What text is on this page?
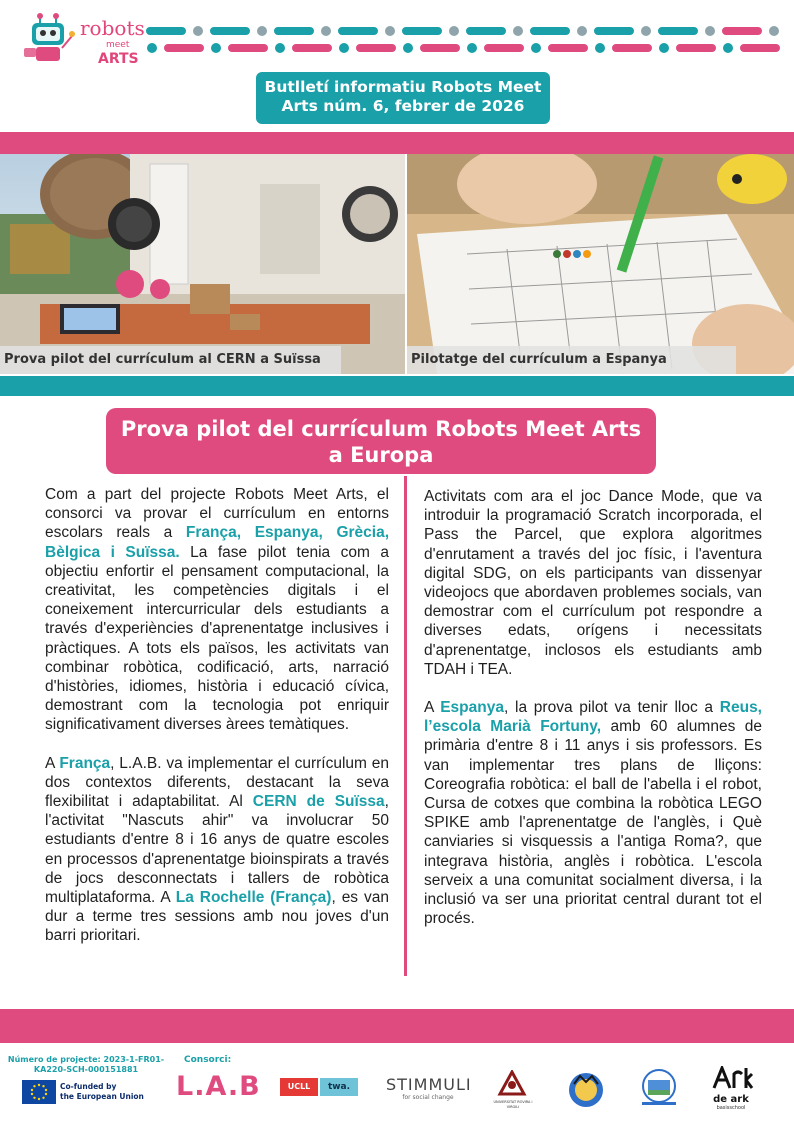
robots
meet
ARTS
Butlletí informatiu Robots Meet Arts núm. 6, febrer de 2026
Prova pilot del currículum al CERN a Suïssa	Pilotatge del currículum a Espanya
Prova pilot del currículum Robots Meet Arts a Europa

Com a part del projecte Robots Meet Arts, el consorci va provar el currículum en entorns escolars reals a França, Espanya, Grècia, Bèlgica i Suïssa. La fase pilot tenia com a objectiu enfortir el pensament computacional, la creativitat, les competències digitals i el coneixement intercurricular dels estudiants a través d'experiències d'aprenentatge inclusives i pràctiques. A tots els països, les activitats van combinar robòtica, codificació, arts, narració d'històries, idiomes, història i educació cívica, demostrant com la tecnologia pot enriquir significativament diverses àrees temàtiques.

A França, L.A.B. va implementar el currículum en dos contextos diferents, destacant la seva flexibilitat i adaptabilitat. Al CERN de Suïssa, l'activitat "Nascuts ahir" va involucrar 50 estudiants d'entre 8 i 16 anys de quatre escoles en processos d'aprenentatge bioinspirats a través de jocs desconnectats i tallers de robòtica multiplataforma. A La Rochelle (França), es van dur a terme tres sessions amb nou joves d'un barri prioritari.

Activitats com ara el joc Dance Mode, que va introduir la programació Scratch incorporada, el Pass the Parcel, que explora algoritmes d'enrutament a través del joc físic, i l'aventura digital SDG, on els participants van dissenyar videojocs que abordaven problemes socials, van demostrar com el currículum pot respondre a diverses edats, orígens i necessitats d'aprenentatge, inclosos els estudiants amb TDAH i TEA.

A Espanya, la prova pilot va tenir lloc a Reus, l’escola Marià Fortuny, amb 60 alumnes de primària d'entre 8 i 11 anys i sis professors. Es van implementar tres plans de lliçons: Coreografia robòtica: el ball de l'abella i el robot, Cursa de cotxes que combina la robòtica LEGO SPIKE amb l'aprenentatge de l'anglès, i Què canviaries si visquessis a l'antiga Roma?, que integrava història, anglès i robòtica. L'escola serveix a una comunitat socialment diversa, i la inclusió va ser una prioritat central durant tot el procés.

Número de projecte: 2023-1-FR01-KA220-SCH-000151881
Consorci:
Co-funded by
the European Union L.A.B	UCLL	twa.	STIMMULI
for social change
UNIVERSITAT ROVIRA i VIRGILI
de ark
basisschool
